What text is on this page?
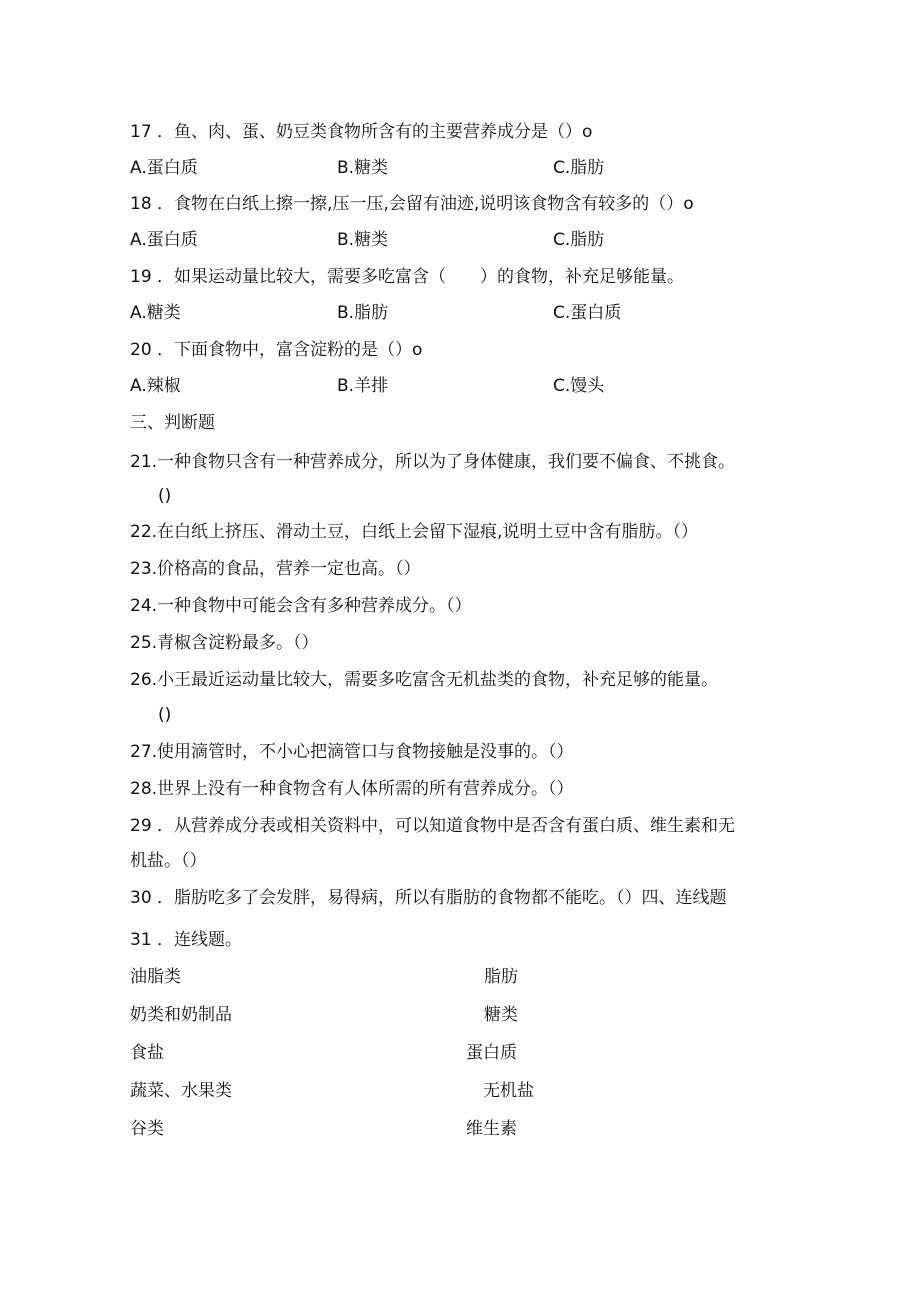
17 ．鱼、肉、蛋、奶豆类食物所含有的主要营养成分是（）o
A.蛋白质	B.糖类	C.脂肪
18 ．食物在白纸上擦一擦,压一压,会留有油迹,说明该食物含有较多的（）o
A.蛋白质	B.糖类	C.脂肪
19 ．如果运动量比较大，需要多吃富含（　　）的食物，补充足够能量。
A.糖类	B.脂肪	C.蛋白质
20 ．下面食物中，富含淀粉的是（）o
A.辣椒	B.羊排	C.馒头
三、判断题
21.一种食物只含有一种营养成分，所以为了身体健康，我们要不偏食、不挑食。
()
22.在白纸上挤压、滑动土豆，白纸上会留下湿痕,说明土豆中含有脂肪。（）
23.价格高的食品，营养一定也高。（）
24.一种食物中可能会含有多种营养成分。（）
25.青椒含淀粉最多。（）
26.小王最近运动量比较大，需要多吃富含无机盐类的食物，补充足够的能量。
()
27.使用滴管时，不小心把滴管口与食物接触是没事的。（）
28.世界上没有一种食物含有人体所需的所有营养成分。（）
29 ．从营养成分表或相关资料中，可以知道食物中是否含有蛋白质、维生素和无
机盐。（）
30 ．脂肪吃多了会发胖，易得病，所以有脂肪的食物都不能吃。（）四、连线题
31 ．连线题。
油脂类
奶类和奶制品
食盐
蔬菜、水果类
谷类
脂肪
糖类
蛋白质
无机盐
维生素
